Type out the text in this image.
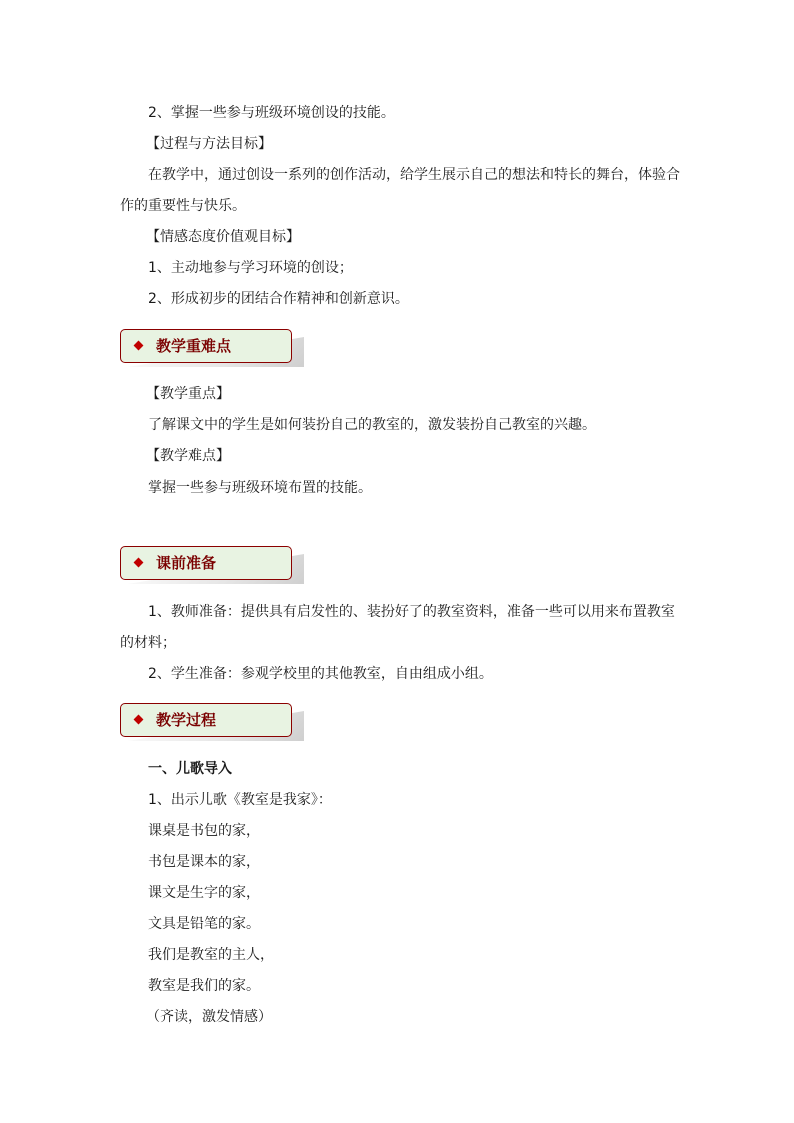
2、掌握一些参与班级环境创设的技能。
【过程与方法目标】
在教学中，通过创设一系列的创作活动，给学生展示自己的想法和特长的舞台，体验合
作的重要性与快乐。
【情感态度价值观目标】
1、主动地参与学习环境的创设；
2、形成初步的团结合作精神和创新意识。
教学重难点
【教学重点】
了解课文中的学生是如何装扮自己的教室的，激发装扮自己教室的兴趣。
【教学难点】
掌握一些参与班级环境布置的技能。
课前准备
1、教师准备：提供具有启发性的、装扮好了的教室资料，准备一些可以用来布置教室
的材料；
2、学生准备：参观学校里的其他教室，自由组成小组。
教学过程
一、儿歌导入
1、出示儿歌《教室是我家》：
课桌是书包的家，
书包是课本的家，
课文是生字的家，
文具是铅笔的家。
我们是教室的主人，
教室是我们的家。
（齐读，激发情感）
